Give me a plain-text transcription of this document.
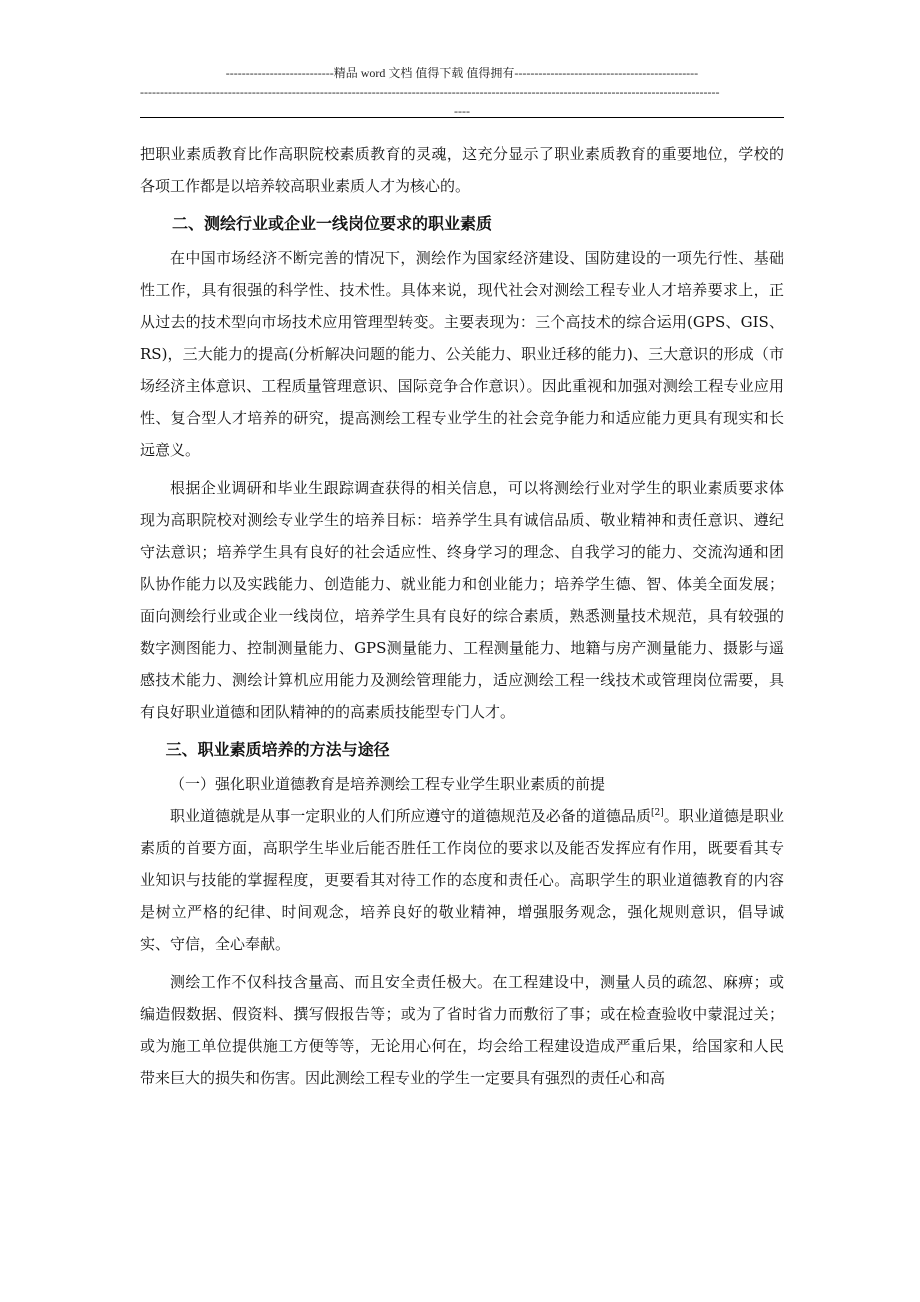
---------------------------精品 word 文档 值得下载 值得拥有----------------------------------------------
-------------------------------------------------------------------------------------------------------------------------------------------------
----

把职业素质教育比作高职院校素质教育的灵魂，这充分显示了职业素质教育的重要地位，学校的各项工作都是以培养较高职业素质人才为核心的。

二、测绘行业或企业一线岗位要求的职业素质

在中国市场经济不断完善的情况下，测绘作为国家经济建设、国防建设的一项先行性、基础性工作，具有很强的科学性、技术性。具体来说，现代社会对测绘工程专业人才培养要求上，正从过去的技术型向市场技术应用管理型转变。主要表现为：三个高技术的综合运用(GPS、GIS、RS)，三大能力的提高(分析解决问题的能力、公关能力、职业迁移的能力)、三大意识的形成（市场经济主体意识、工程质量管理意识、国际竞争合作意识）。因此重视和加强对测绘工程专业应用性、复合型人才培养的研究，提高测绘工程专业学生的社会竞争能力和适应能力更具有现实和长远意义。

根据企业调研和毕业生跟踪调查获得的相关信息，可以将测绘行业对学生的职业素质要求体现为高职院校对测绘专业学生的培养目标：培养学生具有诚信品质、敬业精神和责任意识、遵纪守法意识；培养学生具有良好的社会适应性、终身学习的理念、自我学习的能力、交流沟通和团队协作能力以及实践能力、创造能力、就业能力和创业能力；培养学生德、智、体美全面发展；面向测绘行业或企业一线岗位，培养学生具有良好的综合素质，熟悉测量技术规范，具有较强的数字测图能力、控制测量能力、GPS测量能力、工程测量能力、地籍与房产测量能力、摄影与遥感技术能力、测绘计算机应用能力及测绘管理能力，适应测绘工程一线技术或管理岗位需要，具有良好职业道德和团队精神的的高素质技能型专门人才。

三、职业素质培养的方法与途径
（一）强化职业道德教育是培养测绘工程专业学生职业素质的前提

职业道德就是从事一定职业的人们所应遵守的道德规范及必备的道德品质[2]。职业道德是职业素质的首要方面，高职学生毕业后能否胜任工作岗位的要求以及能否发挥应有作用，既要看其专业知识与技能的掌握程度，更要看其对待工作的态度和责任心。高职学生的职业道德教育的内容是树立严格的纪律、时间观念，培养良好的敬业精神，增强服务观念，强化规则意识，倡导诚实、守信，全心奉献。

测绘工作不仅科技含量高、而且安全责任极大。在工程建设中，测量人员的疏忽、麻痹；或编造假数据、假资料、撰写假报告等；或为了省时省力而敷衍了事；或在检查验收中蒙混过关；或为施工单位提供施工方便等等，无论用心何在，均会给工程建设造成严重后果，给国家和人民带来巨大的损失和伤害。因此测绘工程专业的学生一定要具有强烈的责任心和高
